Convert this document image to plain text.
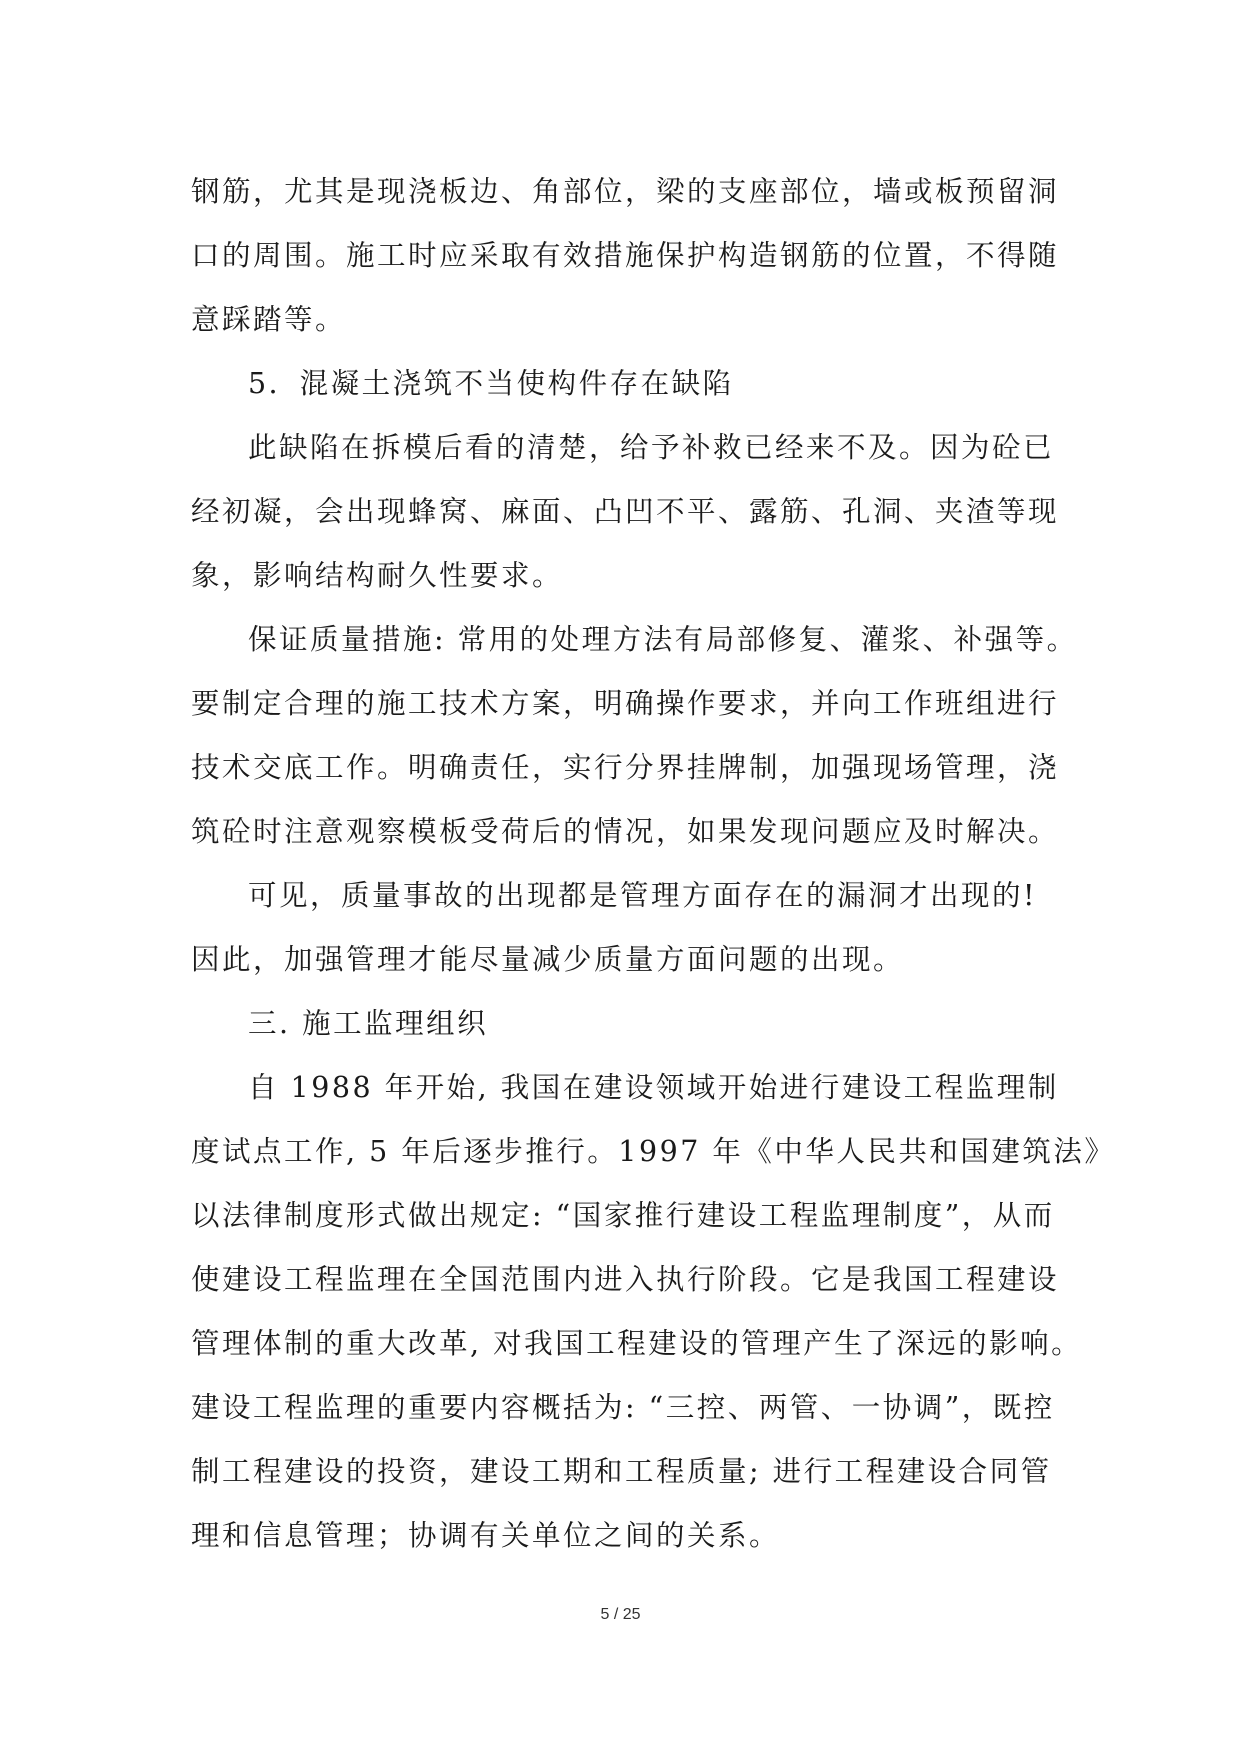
钢筋，尤其是现浇板边、角部位，梁的支座部位，墙或板预留洞
口的周围。施工时应采取有效措施保护构造钢筋的位置，不得随
意踩踏等。
5．混凝土浇筑不当使构件存在缺陷
此缺陷在拆模后看的清楚，给予补救已经来不及。因为砼已
经初凝，会出现蜂窝、麻面、凸凹不平、露筋、孔洞、夹渣等现
象，影响结构耐久性要求。
保证质量措施: 常用的处理方法有局部修复、灌浆、补强等。
要制定合理的施工技术方案，明确操作要求，并向工作班组进行
技术交底工作。明确责任，实行分界挂牌制，加强现场管理，浇
筑砼时注意观察模板受荷后的情况，如果发现问题应及时解决。
可见，质量事故的出现都是管理方面存在的漏洞才出现的!
因此，加强管理才能尽量减少质量方面问题的出现。
三. 施工监理组织
自 1988 年开始, 我国在建设领域开始进行建设工程监理制
度试点工作, 5 年后逐步推行。1997 年《中华人民共和国建筑法》
以法律制度形式做出规定: “国家推行建设工程监理制度”，从而
使建设工程监理在全国范围内进入执行阶段。它是我国工程建设
管理体制的重大改革, 对我国工程建设的管理产生了深远的影响。
建设工程监理的重要内容概括为: “三控、两管、一协调”，既控
制工程建设的投资，建设工期和工程质量; 进行工程建设合同管
理和信息管理；协调有关单位之间的关系。
5 / 25
